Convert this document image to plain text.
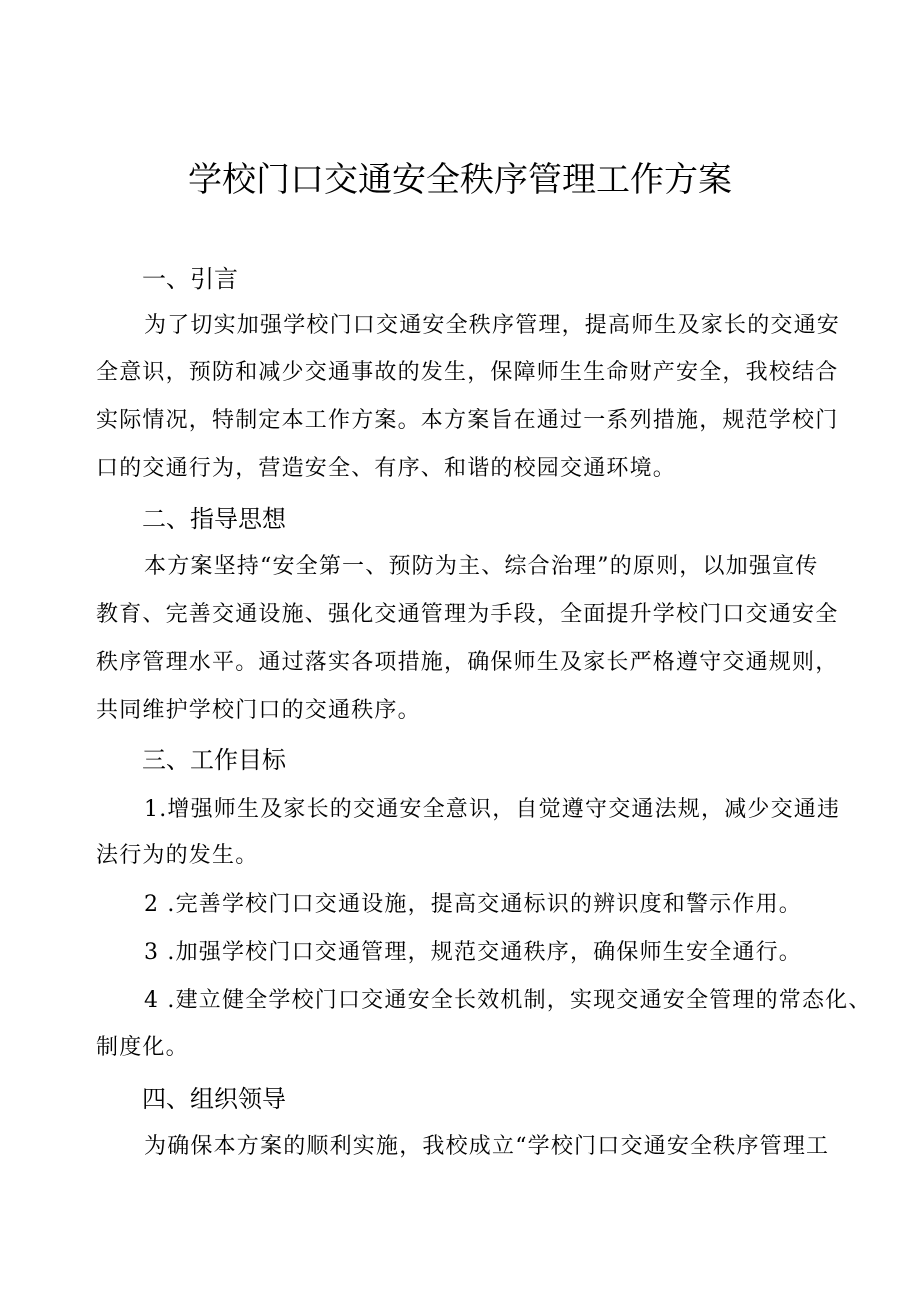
学校门口交通安全秩序管理工作方案
一、引言
为了切实加强学校门口交通安全秩序管理，提高师生及家长的交通安
全意识，预防和减少交通事故的发生，保障师生生命财产安全，我校结合
实际情况，特制定本工作方案。本方案旨在通过一系列措施，规范学校门
口的交通行为，营造安全、有序、和谐的校园交通环境。
二、指导思想
本方案坚持“安全第一、预防为主、综合治理”的原则，以加强宣传
教育、完善交通设施、强化交通管理为手段，全面提升学校门口交通安全
秩序管理水平。通过落实各项措施，确保师生及家长严格遵守交通规则，
共同维护学校门口的交通秩序。
三、工作目标
1.增强师生及家长的交通安全意识，自觉遵守交通法规，减少交通违
法行为的发生。
2 .完善学校门口交通设施，提高交通标识的辨识度和警示作用。
3 .加强学校门口交通管理，规范交通秩序，确保师生安全通行。
4 .建立健全学校门口交通安全长效机制，实现交通安全管理的常态化、
制度化。
四、组织领导
为确保本方案的顺利实施，我校成立“学校门口交通安全秩序管理工
